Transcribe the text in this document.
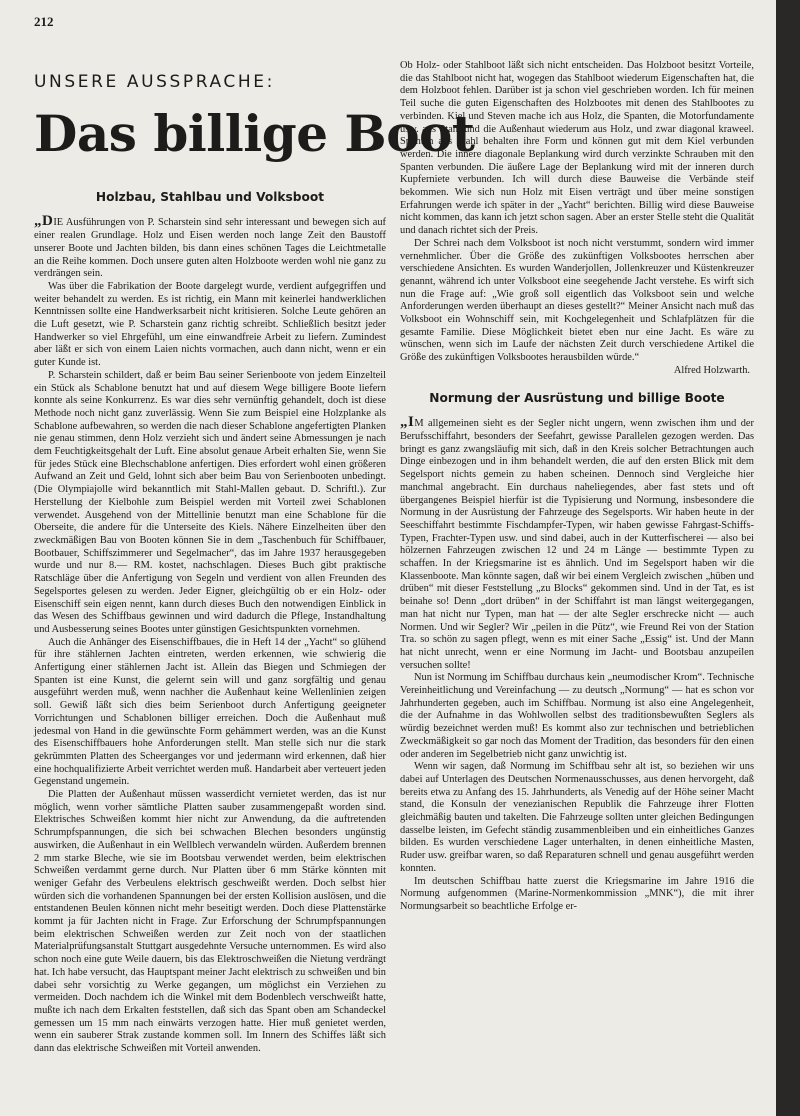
212
UNSERE AUSSPRACHE:
Das billige Boot
Holzbau, Stahlbau und Volksboot

„DIE Ausführungen von P. Scharstein sind sehr interessant und bewegen sich auf einer realen Grundlage. Holz und Eisen werden noch lange Zeit den Baustoff unserer Boote und Jachten bilden, bis dann eines schönen Tages die Leichtmetalle an die Reihe kommen. Doch unsere guten alten Holzboote werden wohl nie ganz zu verdrängen sein.

Was über die Fabrikation der Boote dargelegt wurde, verdient aufgegriffen und weiter behandelt zu werden. Es ist richtig, ein Mann mit keinerlei handwerklichen Kenntnissen sollte eine Handwerksarbeit nicht kritisieren. Solche Leute gehören an die Luft gesetzt, wie P. Scharstein ganz richtig schreibt. Schließlich besitzt jeder Handwerker so viel Ehrgefühl, um eine einwandfreie Arbeit zu liefern. Zumindest aber läßt er sich von einem Laien nichts vormachen, auch dann nicht, wenn er ein guter Kunde ist.

P. Scharstein schildert, daß er beim Bau seiner Serienboote von jedem Einzelteil ein Stück als Schablone benutzt hat und auf diesem Wege billigere Boote liefern konnte als seine Konkurrenz. Es war dies sehr vernünftig gehandelt, doch ist diese Methode noch nicht ganz zuverlässig. Wenn Sie zum Beispiel eine Holzplanke als Schablone aufbewahren, so werden die nach dieser Schablone angefertigten Planken nie genau stimmen, denn Holz verzieht sich und ändert seine Abmessungen je nach dem Feuchtigkeitsgehalt der Luft. Eine absolut genaue Arbeit erhalten Sie, wenn Sie für jedes Stück eine Blechschablone anfertigen. Dies erfordert wohl einen größeren Aufwand an Zeit und Geld, lohnt sich aber beim Bau von Serienbooten unbedingt. (Die Olympiajolle wird bekanntlich mit Stahl-Mallen gebaut. D. Schriftl.). Zur Herstellung der Kielbohle zum Beispiel werden mit Vorteil zwei Schablonen verwendet. Ausgehend von der Mittellinie benutzt man eine Schablone für die Oberseite, die andere für die Unterseite des Kiels. Nähere Einzelheiten über den zweckmäßigen Bau von Booten können Sie in dem „Taschenbuch für Schiffbauer, Bootbauer, Schiffszimmerer und Segelmacher“, das im Jahre 1937 herausgegeben wurde und nur 8.— RM. kostet, nachschlagen. Dieses Buch gibt praktische Ratschläge über die Anfertigung von Segeln und verdient von allen Freunden des Segelsportes gelesen zu werden. Jeder Eigner, gleichgültig ob er ein Holz- oder Eisenschiff sein eigen nennt, kann durch dieses Buch den notwendigen Einblick in das Wesen des Schiffbaus gewinnen und wird dadurch die Pflege, Instandhaltung und Ausbesserung seines Bootes unter günstigen Gesichtspunkten vornehmen.

Auch die Anhänger des Eisenschiffbaues, die in Heft 14 der „Yacht“ so glühend für ihre stählernen Jachten eintreten, werden erkennen, wie schwierig die Anfertigung einer stählernen Jacht ist. Allein das Biegen und Schmiegen der Spanten ist eine Kunst, die gelernt sein will und ganz sorgfältig und genau ausgeführt werden muß, wenn nachher die Außenhaut keine Wellenlinien zeigen soll. Gewiß läßt sich dies beim Serienboot durch Anfertigung geeigneter Vorrichtungen und Schablonen billiger erreichen. Doch die Außenhaut muß jedesmal von Hand in die gewünschte Form gehämmert werden, was an die Kunst des Eisenschiffbauers hohe Anforderungen stellt. Man stelle sich nur die stark gekrümmten Platten des Scheerganges vor und jedermann wird erkennen, daß hier eine hochqualifizierte Arbeit verrichtet werden muß. Handarbeit aber verteuert jeden Gegenstand ungemein.

Die Platten der Außenhaut müssen wasserdicht vernietet werden, das ist nur möglich, wenn vorher sämtliche Platten sauber zusammengepaßt worden sind. Elektrisches Schweißen kommt hier nicht zur Anwendung, da die auftretenden Schrumpfspannungen, die sich bei schwachen Blechen besonders ungünstig auswirken, die Außenhaut in ein Wellblech verwandeln würden. Außerdem brennen 2 mm starke Bleche, wie sie im Bootsbau verwendet werden, beim elektrischen Schweißen verdammt gerne durch. Nur Platten über 6 mm Stärke könnten mit weniger Gefahr des Verbeulens elektrisch geschweißt werden. Doch selbst hier würden sich die vorhandenen Spannungen bei der ersten Kollision auslösen, und die entstandenen Beulen können nicht mehr beseitigt werden. Doch diese Plattenstärke kommt ja für Jachten nicht in Frage. Zur Erforschung der Schrumpfspannungen beim elektrischen Schweißen werden zur Zeit noch von der staatlichen Materialprüfungsanstalt Stuttgart ausgedehnte Versuche unternommen. Es wird also schon noch eine gute Weile dauern, bis das Elektroschweißen die Nietung verdrängt hat. Ich habe versucht, das Hauptspant meiner Jacht elektrisch zu schweißen und bin dabei sehr vorsichtig zu Werke gegangen, um möglichst ein Verziehen zu vermeiden. Doch nachdem ich die Winkel mit dem Bodenblech verschweißt hatte, mußte ich nach dem Erkalten feststellen, daß sich das Spant oben am Schandeckel gemessen um 15 mm nach einwärts verzogen hatte. Hier muß genietet werden, wenn ein sauberer Strak zustande kommen soll. Im Innern des Schiffes läßt sich dann das elektrische Schweißen mit Vorteil anwenden.

Ob Holz- oder Stahlboot läßt sich nicht entscheiden. Das Holzboot besitzt Vorteile, die das Stahlboot nicht hat, wogegen das Stahlboot wiederum Eigenschaften hat, die dem Holzboot fehlen. Darüber ist ja schon viel geschrieben worden. Ich für meinen Teil suche die guten Eigenschaften des Holzbootes mit denen des Stahlbootes zu verbinden. Kiel und Steven mache ich aus Holz, die Spanten, die Motorfundamente usw. aus Stahl und die Außenhaut wiederum aus Holz, und zwar diagonal kraweel. Spanten aus Stahl behalten ihre Form und können gut mit dem Kiel verbunden werden. Die innere diagonale Beplankung wird durch verzinkte Schrauben mit den Spanten verbunden. Die äußere Lage der Beplankung wird mit der inneren durch Kupferniete verbunden. Ich will durch diese Bauweise die Verbände steif bekommen. Wie sich nun Holz mit Eisen verträgt und über meine sonstigen Erfahrungen werde ich später in der „Yacht“ berichten. Billig wird diese Bauweise nicht kommen, das kann ich jetzt schon sagen. Aber an erster Stelle steht die Qualität und danach richtet sich der Preis.

Der Schrei nach dem Volksboot ist noch nicht verstummt, sondern wird immer vernehmlicher. Über die Größe des zukünftigen Volksbootes herrschen aber verschiedene Ansichten. Es wurden Wanderjollen, Jollenkreuzer und Küstenkreuzer genannt, während ich unter Volksboot eine seegehende Jacht verstehe. Es wirft sich nun die Frage auf: „Wie groß soll eigentlich das Volksboot sein und welche Anforderungen werden überhaupt an dieses gestellt?“ Meiner Ansicht nach muß das Volksboot ein Wohnschiff sein, mit Kochgelegenheit und Schlafplätzen für die gesamte Familie. Diese Möglichkeit bietet eben nur eine Jacht. Es wäre zu wünschen, wenn sich im Laufe der nächsten Zeit durch verschiedene Artikel die Größe des zukünftigen Volksbootes herausbilden würde.“

Alfred Holzwarth.
Normung der Ausrüstung und billige Boote

„IM allgemeinen sieht es der Segler nicht ungern, wenn zwischen ihm und der Berufsschiffahrt, besonders der Seefahrt, gewisse Parallelen gezogen werden. Das bringt es ganz zwangsläufig mit sich, daß in den Kreis solcher Betrachtungen auch Dinge einbezogen und in ihm behandelt werden, die auf den ersten Blick mit dem Segelsport nichts gemein zu haben scheinen. Dennoch sind Vergleiche hier manchmal angebracht. Ein durchaus naheliegendes, aber fast stets und oft übergangenes Beispiel hierfür ist die Typisierung und Normung, insbesondere die Normung in der Ausrüstung der Fahrzeuge des Segelsports. Wir haben heute in der Seeschiffahrt bestimmte Fischdampfer-Typen, wir haben gewisse Fahrgast-Schiffs-Typen, Frachter-Typen usw. und sind dabei, auch in der Kutterfischerei — also bei hölzernen Fahrzeugen zwischen 12 und 24 m Länge — bestimmte Typen zu schaffen. In der Kriegsmarine ist es ähnlich. Und im Segelsport haben wir die Klassenboote. Man könnte sagen, daß wir bei einem Vergleich zwischen „hüben und drüben“ mit dieser Feststellung „zu Blocks“ gekommen sind. Und in der Tat, es ist beinahe so! Denn „dort drüben“ in der Schiffahrt ist man längst weitergegangen, man hat nicht nur Typen, man hat — der alte Segler erschrecke nicht — auch Normen. Und wir Segler? Wir „peilen in die Pütz“, wie Freund Rei von der Station Tra. so schön zu sagen pflegt, wenn es mit einer Sache „Essig“ ist. Und der Mann hat nicht unrecht, wenn er eine Normung im Jacht- und Bootsbau anzupeilen versuchen sollte!

Nun ist Normung im Schiffbau durchaus kein „neumodischer Krom“. Technische Vereinheitlichung und Vereinfachung — zu deutsch „Normung“ — hat es schon vor Jahrhunderten gegeben, auch im Schiffbau. Normung ist also eine Angelegenheit, die der Aufnahme in das Wohlwollen selbst des traditionsbewußten Seglers als würdig bezeichnet werden muß! Es kommt also zur technischen und betrieblichen Zweckmäßigkeit so gar noch das Moment der Tradition, das besonders für den einen oder anderen im Segelbetrieb nicht ganz unwichtig ist.

Wenn wir sagen, daß Normung im Schiffbau sehr alt ist, so beziehen wir uns dabei auf Unterlagen des Deutschen Normenausschusses, aus denen hervorgeht, daß bereits etwa zu Anfang des 15. Jahrhunderts, als Venedig auf der Höhe seiner Macht stand, die Konsuln der venezianischen Republik die Fahrzeuge ihrer Flotten gleichmäßig bauten und takelten. Die Fahrzeuge sollten unter gleichen Bedingungen dasselbe leisten, im Gefecht ständig zusammenbleiben und ein einheitliches Ganzes bilden. Es wurden verschiedene Lager unterhalten, in denen einheitliche Masten, Ruder usw. greifbar waren, so daß Reparaturen schnell und genau ausgeführt werden konnten.

Im deutschen Schiffbau hatte zuerst die Kriegsmarine im Jahre 1916 die Normung aufgenommen (Marine-Normenkommission „MNK“), die mit ihrer Normungsarbeit so beachtliche Erfolge er-
